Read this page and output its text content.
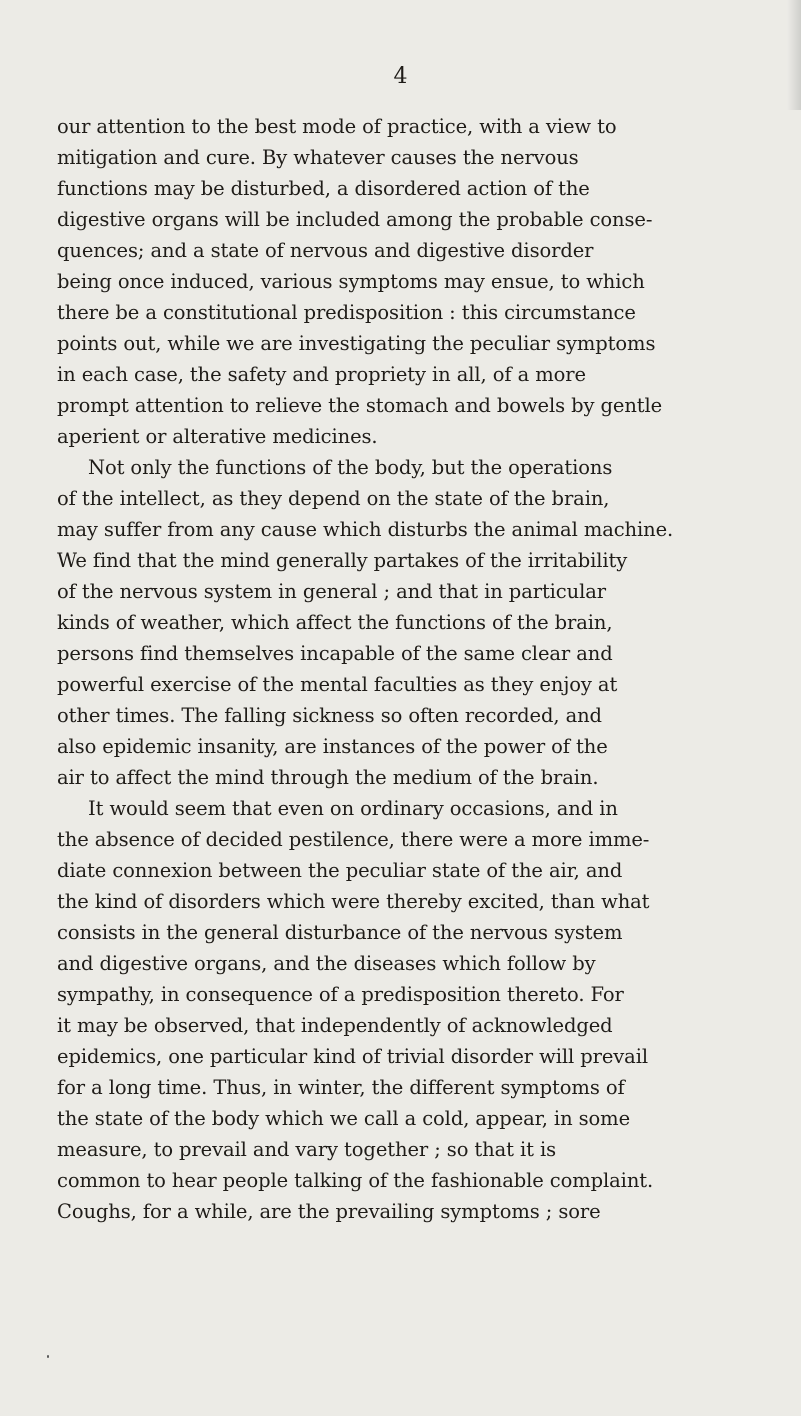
4
our attention to the best mode of practice, with a view to
mitigation and cure. By whatever causes the nervous
functions may be disturbed, a disordered action of the
digestive organs will be included among the probable conse-
quences; and a state of nervous and digestive disorder
being once induced, various symptoms may ensue, to which
there be a constitutional predisposition : this circumstance
points out, while we are investigating the peculiar symptoms
in each case, the safety and propriety in all, of a more
prompt attention to relieve the stomach and bowels by gentle
aperient or alterative medicines.
Not only the functions of the body, but the operations
of the intellect, as they depend on the state of the brain,
may suffer from any cause which disturbs the animal machine.
We find that the mind generally partakes of the irritability
of the nervous system in general ; and that in particular
kinds of weather, which affect the functions of the brain,
persons find themselves incapable of the same clear and
powerful exercise of the mental faculties as they enjoy at
other times. The falling sickness so often recorded, and
also epidemic insanity, are instances of the power of the
air to affect the mind through the medium of the brain.
It would seem that even on ordinary occasions, and in
the absence of decided pestilence, there were a more imme-
diate connexion between the peculiar state of the air, and
the kind of disorders which were thereby excited, than what
consists in the general disturbance of the nervous system
and digestive organs, and the diseases which follow by
sympathy, in consequence of a predisposition thereto. For
it may be observed, that independently of acknowledged
epidemics, one particular kind of trivial disorder will prevail
for a long time. Thus, in winter, the different symptoms of
the state of the body which we call a cold, appear, in some
measure, to prevail and vary together ; so that it is
common to hear people talking of the fashionable complaint.
Coughs, for a while, are the prevailing symptoms ; sore
